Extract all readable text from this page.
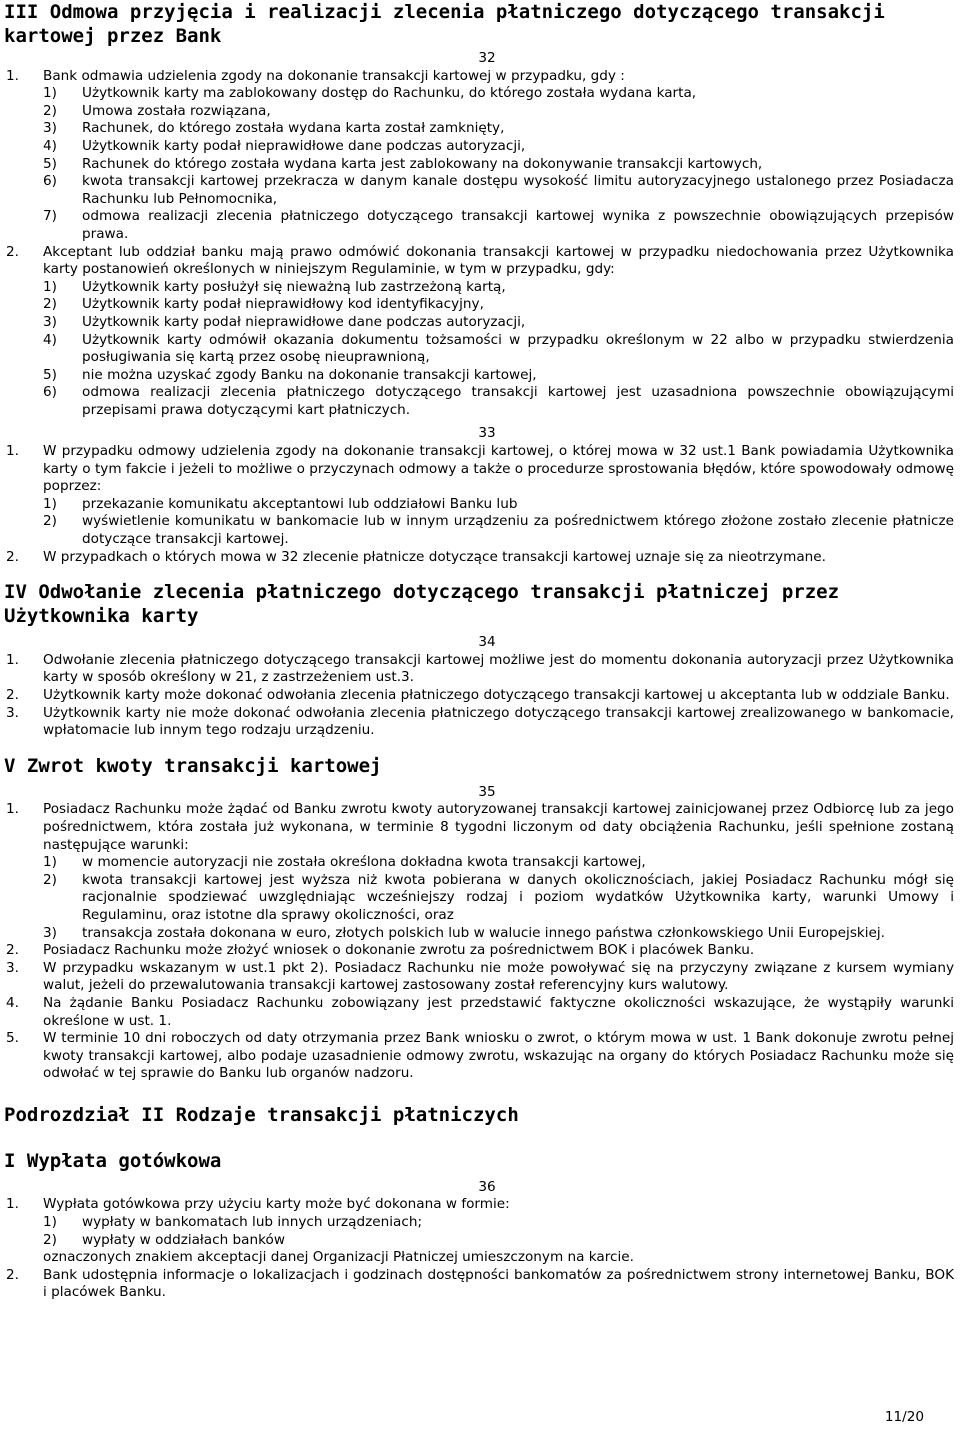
III Odmowa przyjęcia i realizacji zlecenia płatniczego dotyczącego transakcji kartowej przez Bank

32

1. Bank odmawia udzielenia zgody na dokonanie transakcji kartowej w przypadku, gdy :
1) Użytkownik karty ma zablokowany dostęp do Rachunku, do którego została wydana karta,
2) Umowa została rozwiązana,
3) Rachunek, do którego została wydana karta został zamknięty,
4) Użytkownik karty podał nieprawidłowe dane podczas autoryzacji,
5) Rachunek do którego została wydana karta jest zablokowany na dokonywanie transakcji kartowych,
6) kwota transakcji kartowej przekracza w danym kanale dostępu wysokość limitu autoryzacyjnego ustalonego przez Posiadacza Rachunku lub Pełnomocnika,
7) odmowa realizacji zlecenia płatniczego dotyczącego transakcji kartowej wynika z powszechnie obowiązujących przepisów prawa.
2. Akceptant lub oddział banku mają prawo odmówić dokonania transakcji kartowej w przypadku niedochowania przez Użytkownika karty postanowień określonych w niniejszym Regulaminie, w tym w przypadku, gdy:
1) Użytkownik karty posłużył się nieważną lub zastrzeżoną kartą,
2) Użytkownik karty podał nieprawidłowy kod identyfikacyjny,
3) Użytkownik karty podał nieprawidłowe dane podczas autoryzacji,
4) Użytkownik karty odmówił okazania dokumentu tożsamości w przypadku określonym w 22 albo w przypadku stwierdzenia posługiwania się kartą przez osobę nieuprawnioną,
5) nie można uzyskać zgody Banku na dokonanie transakcji kartowej,
6) odmowa realizacji zlecenia płatniczego dotyczącego transakcji kartowej jest uzasadniona powszechnie obowiązującymi przepisami prawa dotyczącymi kart płatniczych.

33

1. W przypadku odmowy udzielenia zgody na dokonanie transakcji kartowej, o której mowa w 32 ust.1 Bank powiadamia Użytkownika karty o tym fakcie i jeżeli to możliwe o przyczynach odmowy a także o procedurze sprostowania błędów, które spowodowały odmowę poprzez:
1) przekazanie komunikatu akceptantowi lub oddziałowi Banku lub
2) wyświetlenie komunikatu w bankomacie lub w innym urządzeniu za pośrednictwem którego złożone zostało zlecenie płatnicze dotyczące transakcji kartowej.
2. W przypadkach o których mowa w 32 zlecenie płatnicze dotyczące transakcji kartowej uznaje się za nieotrzymane.
IV Odwołanie zlecenia płatniczego dotyczącego transakcji płatniczej przez Użytkownika karty

34

1. Odwołanie zlecenia płatniczego dotyczącego transakcji kartowej możliwe jest do momentu dokonania autoryzacji przez Użytkownika karty w sposób określony w 21, z zastrzeżeniem ust.3.
2. Użytkownik karty może dokonać odwołania zlecenia płatniczego dotyczącego transakcji kartowej u akceptanta lub w oddziale Banku.
3. Użytkownik karty nie może dokonać odwołania zlecenia płatniczego dotyczącego transakcji kartowej zrealizowanego w bankomacie, wpłatomacie lub innym tego rodzaju urządzeniu.
V Zwrot kwoty transakcji kartowej

35

1. Posiadacz Rachunku może żądać od Banku zwrotu kwoty autoryzowanej transakcji kartowej zainicjowanej przez Odbiorcę lub za jego pośrednictwem, która została już wykonana, w terminie 8 tygodni liczonym od daty obciążenia Rachunku, jeśli spełnione zostaną następujące warunki:
1) w momencie autoryzacji nie została określona dokładna kwota transakcji kartowej,
2) kwota transakcji kartowej jest wyższa niż kwota pobierana w danych okolicznościach, jakiej Posiadacz Rachunku mógł się racjonalnie spodziewać uwzględniając wcześniejszy rodzaj i poziom wydatków Użytkownika karty, warunki Umowy i Regulaminu, oraz istotne dla sprawy okoliczności, oraz
3) transakcja została dokonana w euro, złotych polskich lub w walucie innego państwa członkowskiego Unii Europejskiej.
2. Posiadacz Rachunku może złożyć wniosek o dokonanie zwrotu za pośrednictwem BOK i placówek Banku.
3. W przypadku wskazanym w ust.1 pkt 2). Posiadacz Rachunku nie może powoływać się na przyczyny związane z kursem wymiany walut, jeżeli do przewalutowania transakcji kartowej zastosowany został referencyjny kurs walutowy.
4. Na żądanie Banku Posiadacz Rachunku zobowiązany jest przedstawić faktyczne okoliczności wskazujące, że wystąpiły warunki określone w ust. 1.
5. W terminie 10 dni roboczych od daty otrzymania przez Bank wniosku o zwrot, o którym mowa w ust. 1 Bank dokonuje zwrotu pełnej kwoty transakcji kartowej, albo podaje uzasadnienie odmowy zwrotu, wskazując na organy do których Posiadacz Rachunku może się odwołać w tej sprawie do Banku lub organów nadzoru.
Podrozdział II Rodzaje transakcji płatniczych
I Wypłata gotówkowa

36

1. Wypłata gotówkowa przy użyciu karty może być dokonana w formie:
1) wypłaty w bankomatach lub innych urządzeniach;
2) wypłaty w oddziałach banków

oznaczonych znakiem akceptacji danej Organizacji Płatniczej umieszczonym na karcie.

2. Bank udostępnia informacje o lokalizacjach i godzinach dostępności bankomatów za pośrednictwem strony internetowej Banku, BOK i placówek Banku.
11/20
